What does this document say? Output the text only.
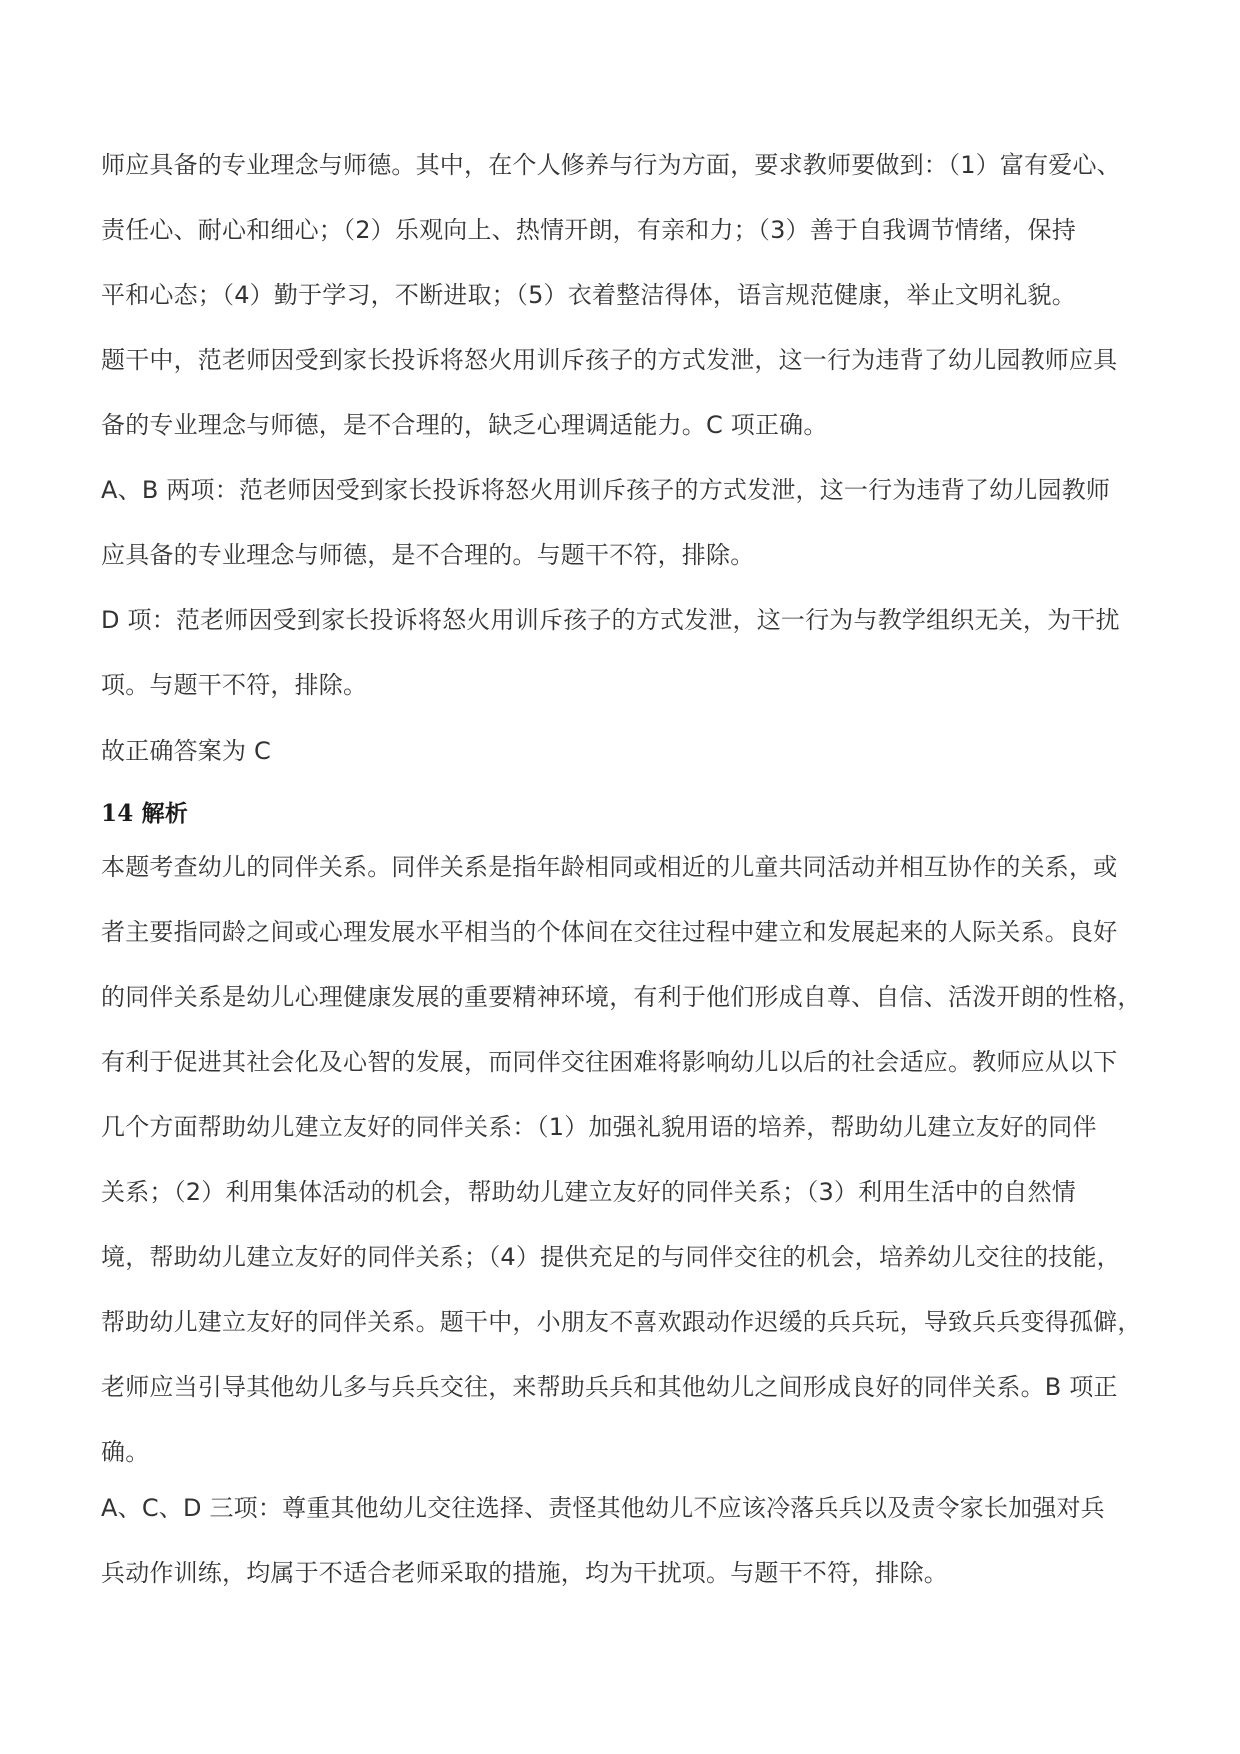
师应具备的专业理念与师德。其中，在个人修养与行为方面，要求教师要做到：（1）富有爱心、
责任心、耐心和细心；（2）乐观向上、热情开朗，有亲和力；（3）善于自我调节情绪，保持
平和心态；（4）勤于学习，不断进取；（5）衣着整洁得体，语言规范健康，举止文明礼貌。
题干中，范老师因受到家长投诉将怒火用训斥孩子的方式发泄，这一行为违背了幼儿园教师应具
备的专业理念与师德，是不合理的，缺乏心理调适能力。C 项正确。
A、B 两项：范老师因受到家长投诉将怒火用训斥孩子的方式发泄，这一行为违背了幼儿园教师
应具备的专业理念与师德，是不合理的。与题干不符，排除。
D 项：范老师因受到家长投诉将怒火用训斥孩子的方式发泄，这一行为与教学组织无关，为干扰
项。与题干不符，排除。
故正确答案为 C
14 解析
本题考查幼儿的同伴关系。同伴关系是指年龄相同或相近的儿童共同活动并相互协作的关系，或
者主要指同龄之间或心理发展水平相当的个体间在交往过程中建立和发展起来的人际关系。良好
的同伴关系是幼儿心理健康发展的重要精神环境，有利于他们形成自尊、自信、活泼开朗的性格，
有利于促进其社会化及心智的发展，而同伴交往困难将影响幼儿以后的社会适应。教师应从以下
几个方面帮助幼儿建立友好的同伴关系：（1）加强礼貌用语的培养，帮助幼儿建立友好的同伴
关系；（2）利用集体活动的机会，帮助幼儿建立友好的同伴关系；（3）利用生活中的自然情
境，帮助幼儿建立友好的同伴关系；（4）提供充足的与同伴交往的机会，培养幼儿交往的技能，
帮助幼儿建立友好的同伴关系。题干中，小朋友不喜欢跟动作迟缓的兵兵玩，导致兵兵变得孤僻，
老师应当引导其他幼儿多与兵兵交往，来帮助兵兵和其他幼儿之间形成良好的同伴关系。B 项正
确。
A、C、D 三项：尊重其他幼儿交往选择、责怪其他幼儿不应该冷落兵兵以及责令家长加强对兵
兵动作训练，均属于不适合老师采取的措施，均为干扰项。与题干不符，排除。
